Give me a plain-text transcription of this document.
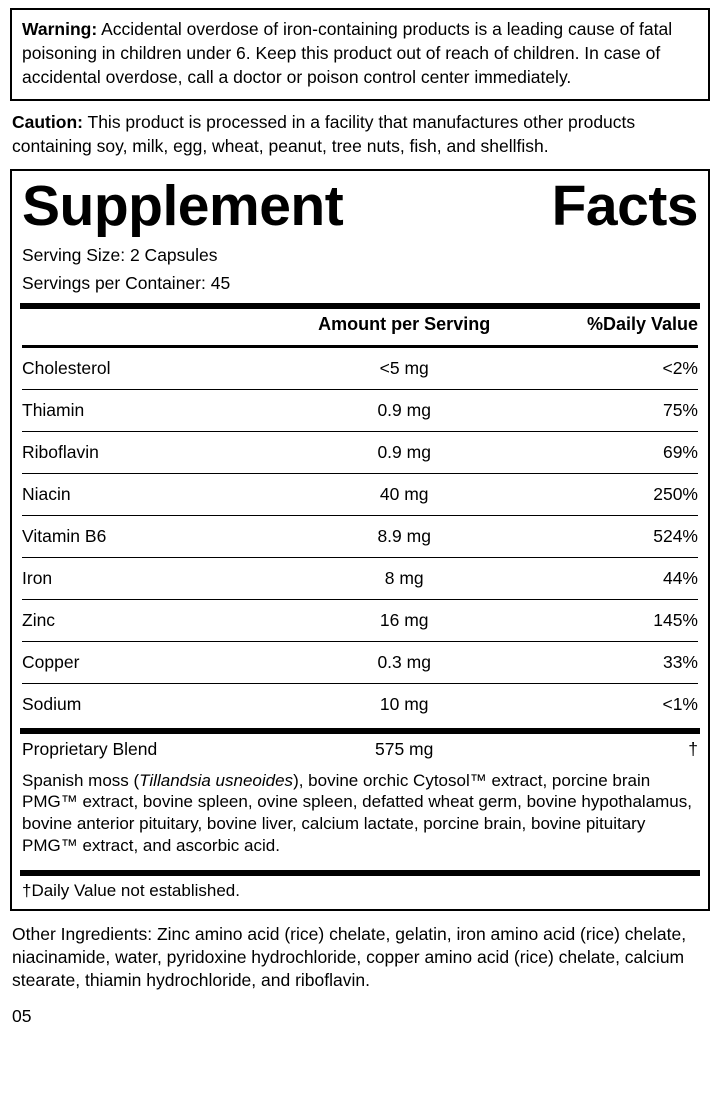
Warning: Accidental overdose of iron-containing products is a leading cause of fatal poisoning in children under 6. Keep this product out of reach of children. In case of accidental overdose, call a doctor or poison control center immediately.

Caution: This product is processed in a facility that manufactures other products containing soy, milk, egg, wheat, peanut, tree nuts, fish, and shellfish.
Supplement	Facts
Serving Size: 2 Capsules
Servings per Container: 45
	Amount per Serving	%Daily Value

Cholesterol	<5 mg	<2%

Thiamin	0.9 mg	75%

Riboflavin	0.9 mg	69%

Niacin	40 mg	250%

Vitamin B6	8.9 mg	524%

Iron	8 mg	44%

Zinc	16 mg	145%

Copper	0.3 mg	33%

Sodium	10 mg	<1%
Proprietary Blend	575 mg	†
Spanish moss (Tillandsia usneoides), bovine orchic Cytosol™ extract, porcine brain PMG™ extract, bovine spleen, ovine spleen, defatted wheat germ, bovine hypothalamus, bovine anterior pituitary, bovine liver, calcium lactate, porcine brain, bovine pituitary PMG™ extract, and ascorbic acid.
†Daily Value not established.
Other Ingredients: Zinc amino acid (rice) chelate, gelatin, iron amino acid (rice) chelate, niacinamide, water, pyridoxine hydrochloride, copper amino acid (rice) chelate, calcium stearate, thiamin hydrochloride, and riboflavin.
05
